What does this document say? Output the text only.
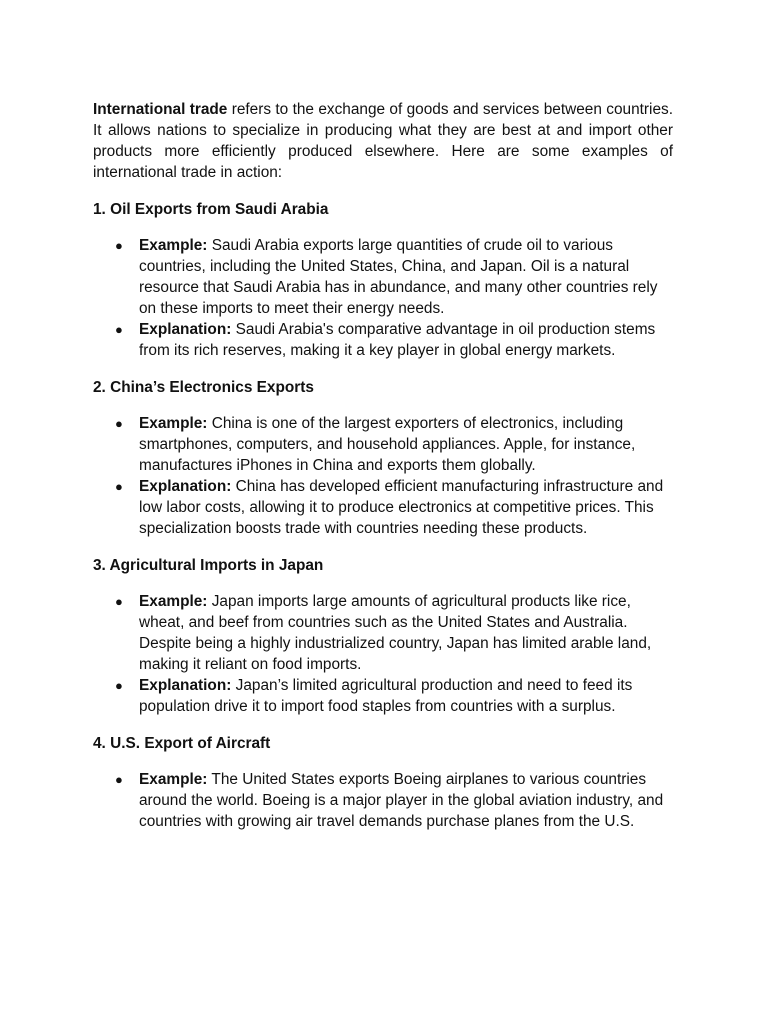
International trade refers to the exchange of goods and services between countries. It allows nations to specialize in producing what they are best at and import other products more efficiently produced elsewhere. Here are some examples of international trade in action:

1. Oil Exports from Saudi Arabia
● Example: Saudi Arabia exports large quantities of crude oil to various countries, including the United States, China, and Japan. Oil is a natural resource that Saudi Arabia has in abundance, and many other countries rely on these imports to meet their energy needs.
● Explanation: Saudi Arabia's comparative advantage in oil production stems from its rich reserves, making it a key player in global energy markets.
2. China’s Electronics Exports
● Example: China is one of the largest exporters of electronics, including smartphones, computers, and household appliances. Apple, for instance, manufactures iPhones in China and exports them globally.
● Explanation: China has developed efficient manufacturing infrastructure and low labor costs, allowing it to produce electronics at competitive prices. This specialization boosts trade with countries needing these products.
3. Agricultural Imports in Japan
● Example: Japan imports large amounts of agricultural products like rice, wheat, and beef from countries such as the United States and Australia. Despite being a highly industrialized country, Japan has limited arable land, making it reliant on food imports.
● Explanation: Japan’s limited agricultural production and need to feed its population drive it to import food staples from countries with a surplus.
4. U.S. Export of Aircraft
● Example: The United States exports Boeing airplanes to various countries around the world. Boeing is a major player in the global aviation industry, and countries with growing air travel demands purchase planes from the U.S.
